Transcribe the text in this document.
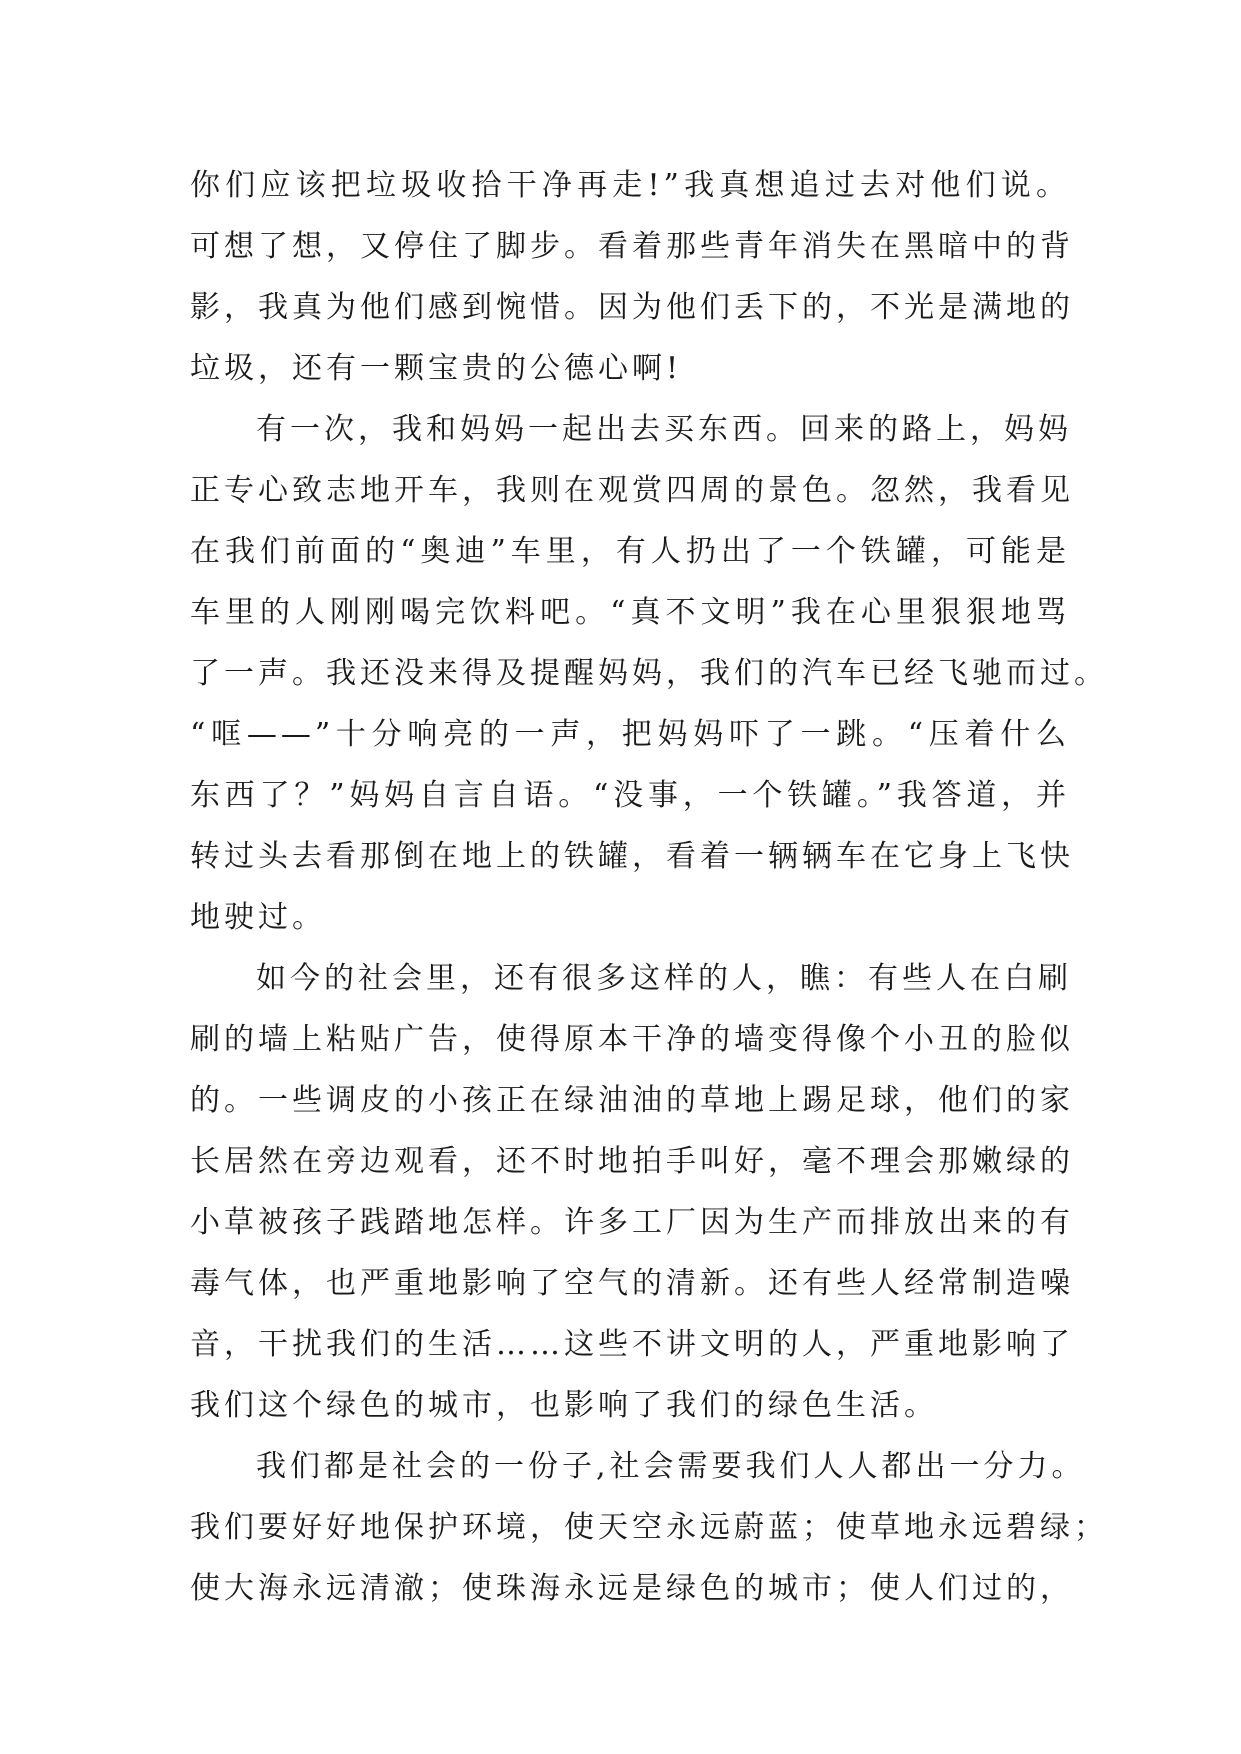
你们应该把垃圾收拾干净再走!”我真想追过去对他们说。
可想了想，又停住了脚步。看着那些青年消失在黑暗中的背
影，我真为他们感到惋惜。因为他们丢下的，不光是满地的
垃圾，还有一颗宝贵的公德心啊!
有一次，我和妈妈一起出去买东西。回来的路上，妈妈
正专心致志地开车，我则在观赏四周的景色。忽然，我看见
在我们前面的“奥迪”车里，有人扔出了一个铁罐，可能是
车里的人刚刚喝完饮料吧。“真不文明”我在心里狠狠地骂
了一声。我还没来得及提醒妈妈，我们的汽车已经飞驰而过。
“哐——”十分响亮的一声，把妈妈吓了一跳。“压着什么
东西了？”妈妈自言自语。“没事，一个铁罐。”我答道，并
转过头去看那倒在地上的铁罐，看着一辆辆车在它身上飞快
地驶过。
如今的社会里，还有很多这样的人，瞧：有些人在白刷
刷的墙上粘贴广告，使得原本干净的墙变得像个小丑的脸似
的。一些调皮的小孩正在绿油油的草地上踢足球，他们的家
长居然在旁边观看，还不时地拍手叫好，毫不理会那嫩绿的
小草被孩子践踏地怎样。许多工厂因为生产而排放出来的有
毒气体，也严重地影响了空气的清新。还有些人经常制造噪
音，干扰我们的生活……这些不讲文明的人，严重地影响了
我们这个绿色的城市，也影响了我们的绿色生活。
我们都是社会的一份子,社会需要我们人人都出一分力。
我们要好好地保护环境，使天空永远蔚蓝；使草地永远碧绿；
使大海永远清澈；使珠海永远是绿色的城市；使人们过的，
